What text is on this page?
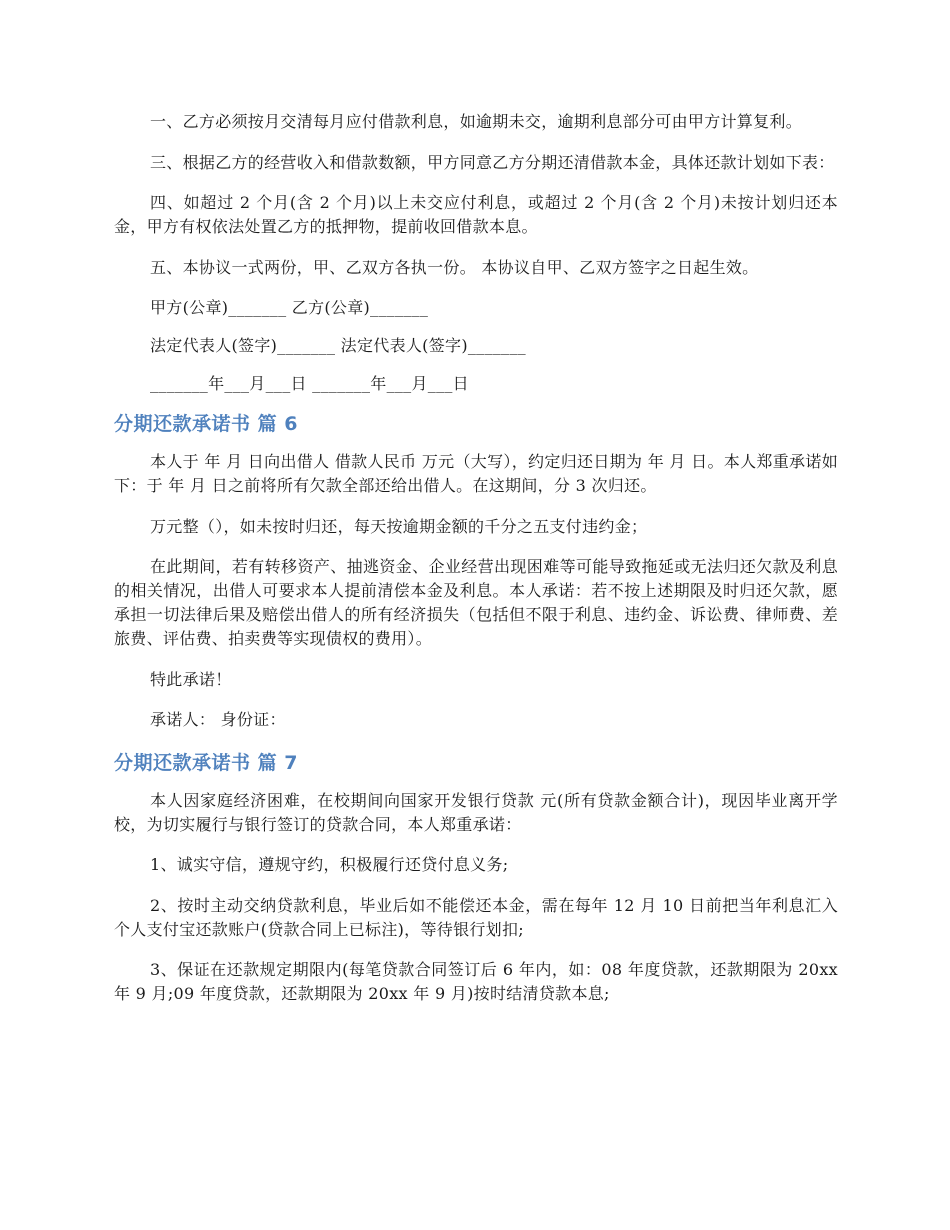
一、乙方必须按月交清每月应付借款利息，如逾期未交，逾期利息部分可由甲方计算复利。

三、根据乙方的经营收入和借款数额，甲方同意乙方分期还清借款本金，具体还款计划如下表：

四、如超过 2 个月(含 2 个月)以上未交应付利息，或超过 2 个月(含 2 个月)未按计划归还本金，甲方有权依法处置乙方的抵押物，提前收回借款本息。

五、本协议一式两份，甲、乙双方各执一份。 本协议自甲、乙双方签字之日起生效。

甲方(公章)_______ 乙方(公章)_______

法定代表人(签字)_______ 法定代表人(签字)_______

_______年___月___日 _______年___月___日

分期还款承诺书 篇 6

本人于 年 月 日向出借人 借款人民币 万元（大写），约定归还日期为 年 月 日。本人郑重承诺如下：于 年 月 日之前将所有欠款全部还给出借人。在这期间，分 3 次归还。

万元整（），如未按时归还，每天按逾期金额的千分之五支付违约金；

在此期间，若有转移资产、抽逃资金、企业经营出现困难等可能导致拖延或无法归还欠款及利息的相关情况，出借人可要求本人提前清偿本金及利息。本人承诺：若不按上述期限及时归还欠款，愿承担一切法律后果及赔偿出借人的所有经济损失（包括但不限于利息、违约金、诉讼费、律师费、差旅费、评估费、拍卖费等实现债权的费用）。

特此承诺！

承诺人： 身份证：

分期还款承诺书 篇 7

本人因家庭经济困难，在校期间向国家开发银行贷款 元(所有贷款金额合计)，现因毕业离开学校，为切实履行与银行签订的贷款合同，本人郑重承诺：

1、诚实守信，遵规守约，积极履行还贷付息义务;

2、按时主动交纳贷款利息，毕业后如不能偿还本金，需在每年 12 月 10 日前把当年利息汇入个人支付宝还款账户(贷款合同上已标注)，等待银行划扣;

3、保证在还款规定期限内(每笔贷款合同签订后 6 年内，如：08 年度贷款，还款期限为 20xx 年 9 月;09 年度贷款，还款期限为 20xx 年 9 月)按时结清贷款本息;
